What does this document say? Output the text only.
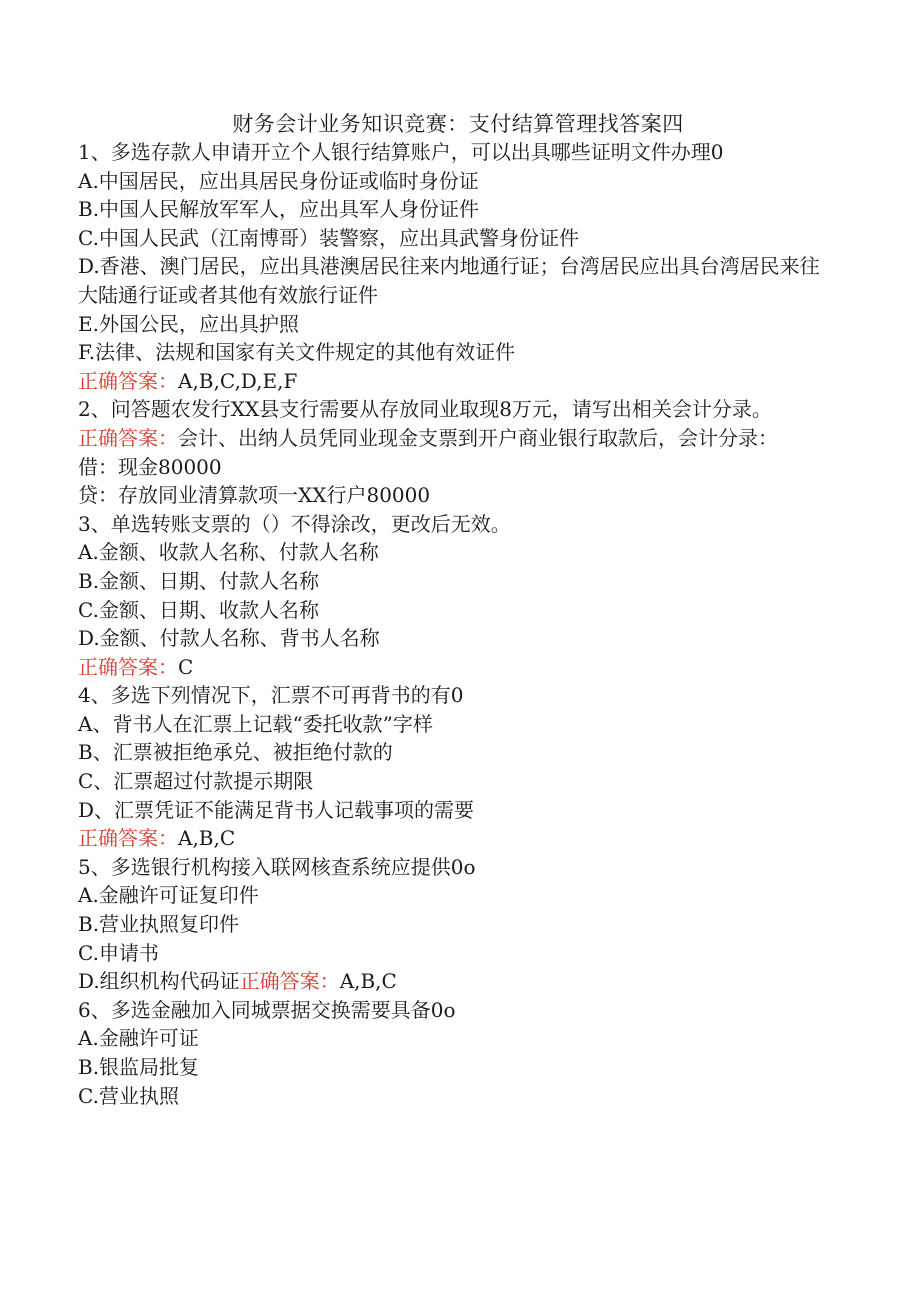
财务会计业务知识竞赛：支付结算管理找答案四

1、多选存款人申请开立个人银行结算账户，可以出具哪些证明文件办理0

A.中国居民，应出具居民身份证或临时身份证

B.中国人民解放军军人，应出具军人身份证件

C.中国人民武（江南博哥）装警察，应出具武警身份证件

D.香港、澳门居民，应出具港澳居民往来内地通行证；台湾居民应出具台湾居民来往大陆通行证或者其他有效旅行证件

E.外国公民，应出具护照

F.法律、法规和国家有关文件规定的其他有效证件

正确答案：A,B,C,D,E,F

2、问答题农发行XX县支行需要从存放同业取现8万元，请写出相关会计分录。

正确答案：会计、出纳人员凭同业现金支票到开户商业银行取款后，会计分录：

借：现金80000

贷：存放同业清算款项一XX行户80000

3、单选转账支票的（）不得涂改，更改后无效。

A.金额、收款人名称、付款人名称

B.金额、日期、付款人名称

C.金额、日期、收款人名称

D.金额、付款人名称、背书人名称

正确答案：C

4、多选下列情况下，汇票不可再背书的有0

A、背书人在汇票上记载“委托收款”字样

B、汇票被拒绝承兑、被拒绝付款的

C、汇票超过付款提示期限

D、汇票凭证不能满足背书人记载事项的需要

正确答案：A,B,C

5、多选银行机构接入联网核查系统应提供0o

A.金融许可证复印件

B.营业执照复印件

C.申请书

D.组织机构代码证正确答案：A,B,C

6、多选金融加入同城票据交换需要具备0o

A.金融许可证

B.银监局批复

C.营业执照
